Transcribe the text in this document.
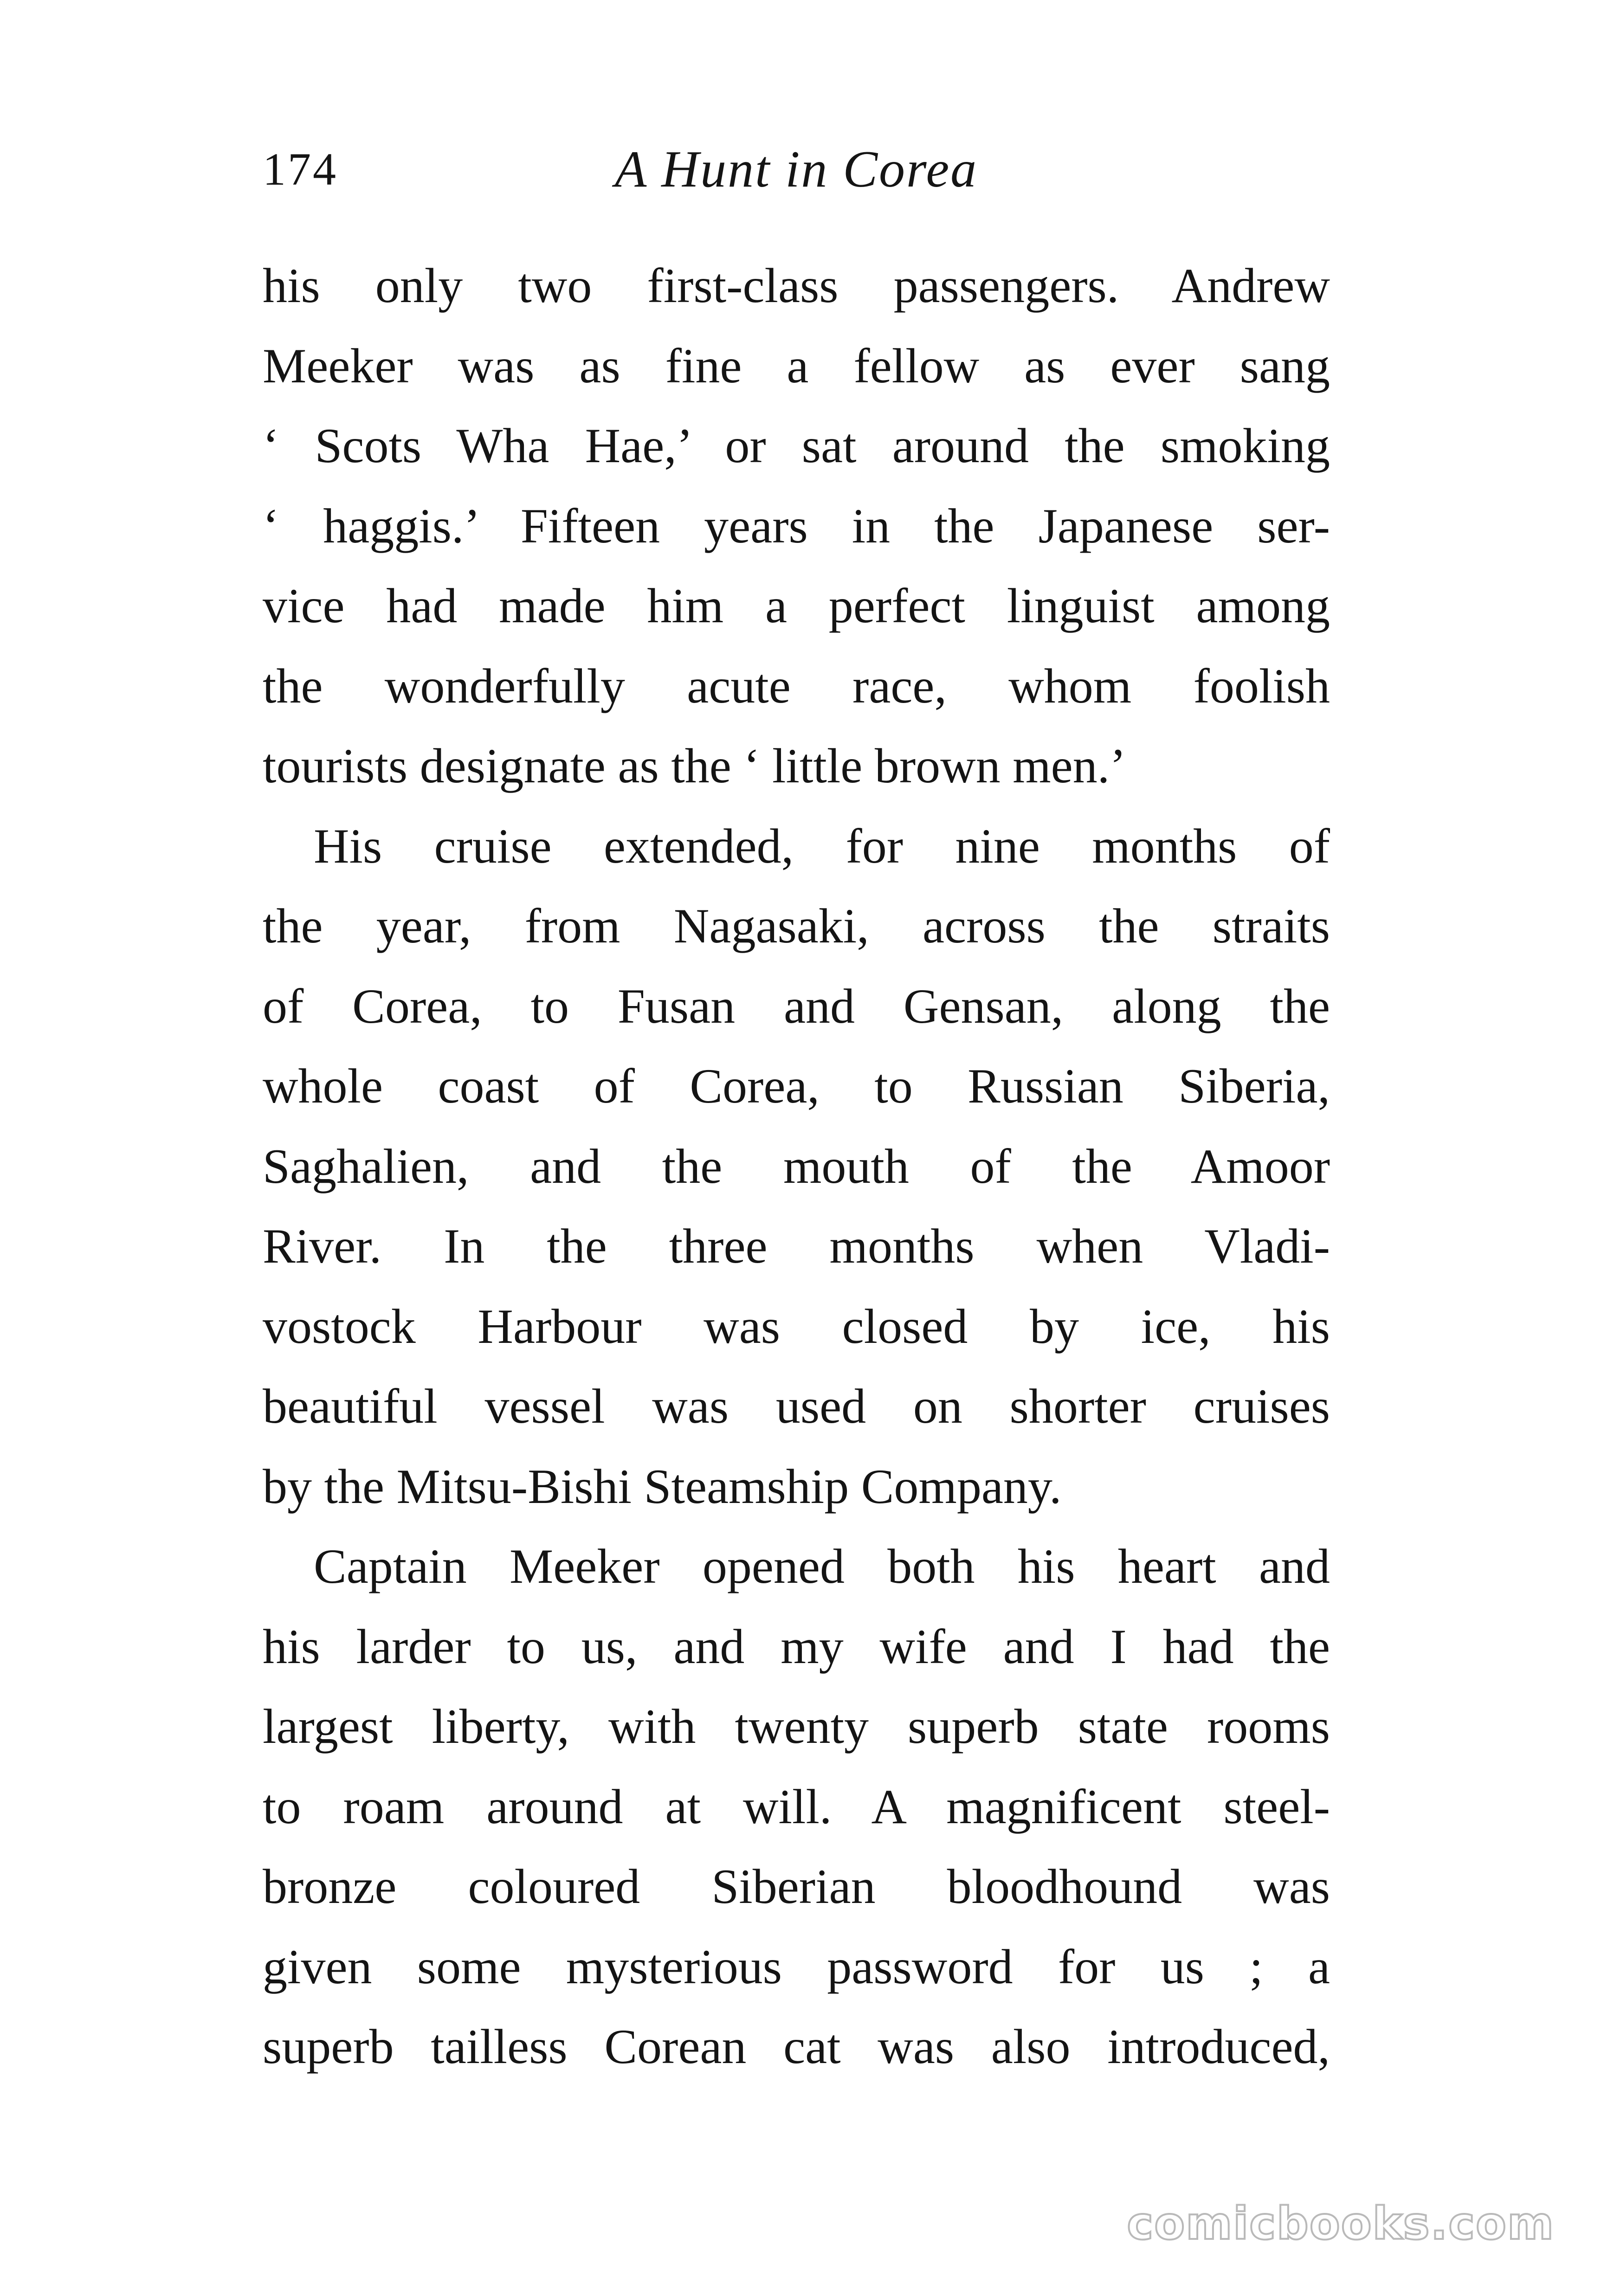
174	A Hunt in Corea
his only two first-class passengers. Andrew
Meeker was as fine a fellow as ever sang
‘ Scots Wha Hae,’ or sat around the smoking
‘ haggis.’ Fifteen years in the Japanese ser-
vice had made him a perfect linguist among
the wonderfully acute race, whom foolish
tourists designate as the ‘ little brown men.’
His cruise extended, for nine months of
the year, from Nagasaki, across the straits
of Corea, to Fusan and Gensan, along the
whole coast of Corea, to Russian Siberia,
Saghalien, and the mouth of the Amoor
River. In the three months when Vladi-
vostock Harbour was closed by ice, his
beautiful vessel was used on shorter cruises
by the Mitsu-Bishi Steamship Company.
Captain Meeker opened both his heart and
his larder to us, and my wife and I had the
largest liberty, with twenty superb state rooms
to roam around at will. A magnificent steel-
bronze coloured Siberian bloodhound was
given some mysterious password for us ; a
superb tailless Corean cat was also introduced,
comicbooks.com
